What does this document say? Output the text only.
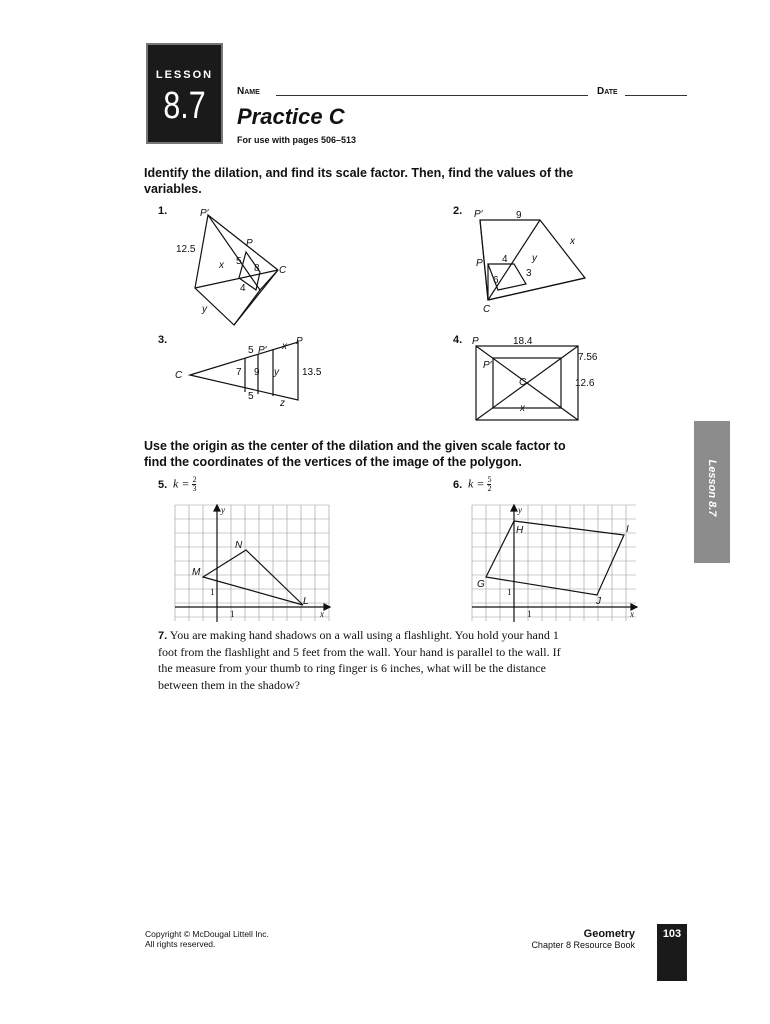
LESSON
8.7	Name	Date
Practice C
For use with pages 506–513
Identify the dilation, and find its scale factor. Then, find the values of the variables.
1.	P′
P
C
12.5
x 5
8
4
y
2. P′	9
x
P 4 y
3
6
C
3.
C
5 P′ x P
7 9 y 13.5
5
z
4. P	18.4
P′
7.56
C	12.6
x
Use the origin as the center of the dilation and the given scale factor to find the coordinates of the vertices of the image of the polygon.
5. $k = \frac{2}{3}$
y
x
1
1
N
M
L
6. $k = \frac{5}{2}$
y
x
1
1
H	I
G
J
7. You are making hand shadows on a wall using a flashlight. You hold your hand 1 foot from the flashlight and 5 feet from the wall. Your hand is parallel to the wall. If the measure from your thumb to ring finger is 6 inches, what will be the distance between them in the shadow?
Lesson 8.7
Copyright © McDougal Littell Inc.
All rights reserved.
Geometry
Chapter 8 Resource Book
103
